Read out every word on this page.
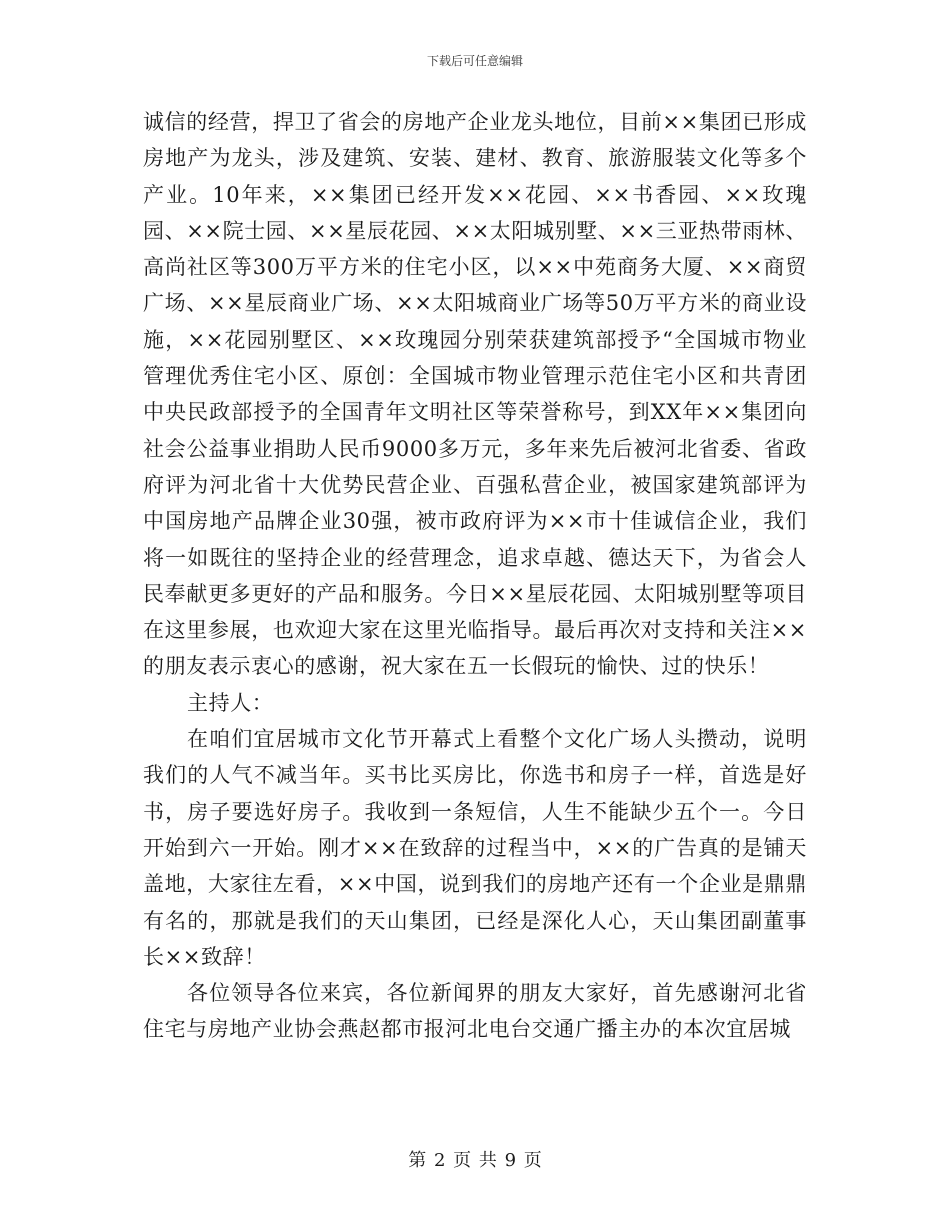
下载后可任意编辑

诚信的经营，捍卫了省会的房地产企业龙头地位，目前××集团已形成房地产为龙头，涉及建筑、安装、建材、教育、旅游服装文化等多个产业。10年来，××集团已经开发××花园、××书香园、××玫瑰园、××院士园、××星辰花园、××太阳城别墅、××三亚热带雨林、高尚社区等300万平方米的住宅小区，以××中苑商务大厦、××商贸广场、××星辰商业广场、××太阳城商业广场等50万平方米的商业设施，××花园别墅区、××玫瑰园分别荣获建筑部授予“全国城市物业管理优秀住宅小区、原创：全国城市物业管理示范住宅小区和共青团中央民政部授予的全国青年文明社区等荣誉称号，到XX年××集团向社会公益事业捐助人民币9000多万元，多年来先后被河北省委、省政府评为河北省十大优势民营企业、百强私营企业，被国家建筑部评为中国房地产品牌企业30强，被市政府评为××市十佳诚信企业，我们将一如既往的坚持企业的经营理念，追求卓越、德达天下，为省会人民奉献更多更好的产品和服务。今日××星辰花园、太阳城别墅等项目在这里参展，也欢迎大家在这里光临指导。最后再次对支持和关注××的朋友表示衷心的感谢，祝大家在五一长假玩的愉快、过的快乐！

主持人：

在咱们宜居城市文化节开幕式上看整个文化广场人头攒动，说明我们的人气不减当年。买书比买房比，你选书和房子一样，首选是好书，房子要选好房子。我收到一条短信，人生不能缺少五个一。今日开始到六一开始。刚才××在致辞的过程当中，××的广告真的是铺天盖地，大家往左看，××中国，说到我们的房地产还有一个企业是鼎鼎有名的，那就是我们的天山集团，已经是深化人心，天山集团副董事长××致辞！

各位领导各位来宾，各位新闻界的朋友大家好，首先感谢河北省住宅与房地产业协会燕赵都市报河北电台交通广播主办的本次宜居城

第 2 页 共 9 页
